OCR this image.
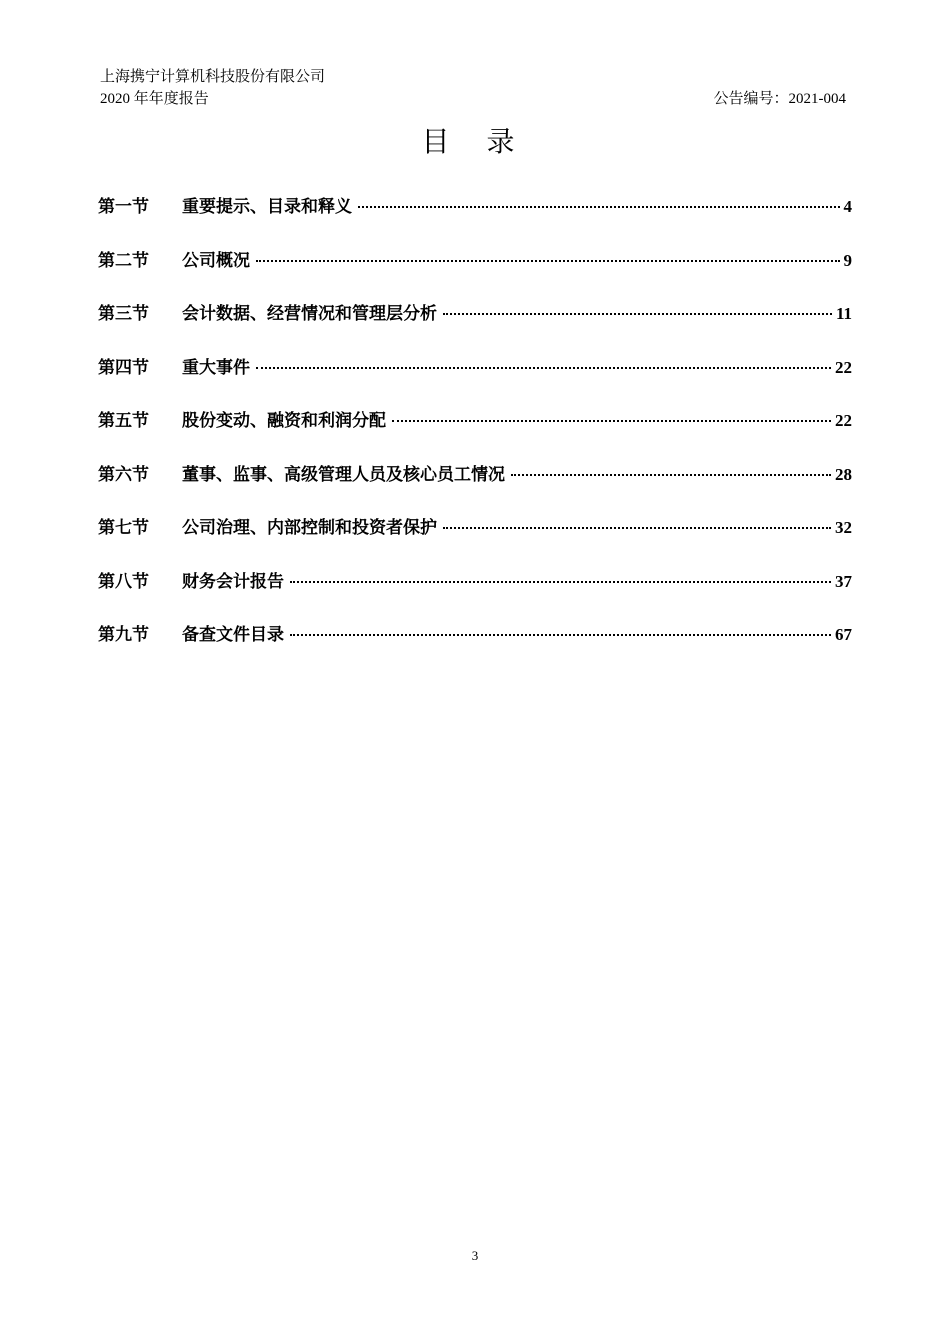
上海携宁计算机科技股份有限公司
2020 年年度报告	公告编号：2021-004
目 录
第一节	重要提示、目录和释义	4
第二节	公司概况	9
第三节	会计数据、经营情况和管理层分析	11
第四节	重大事件	22
第五节	股份变动、融资和利润分配	22
第六节	董事、监事、高级管理人员及核心员工情况	28
第七节	公司治理、内部控制和投资者保护	32
第八节	财务会计报告	37
第九节	备查文件目录	67
3
